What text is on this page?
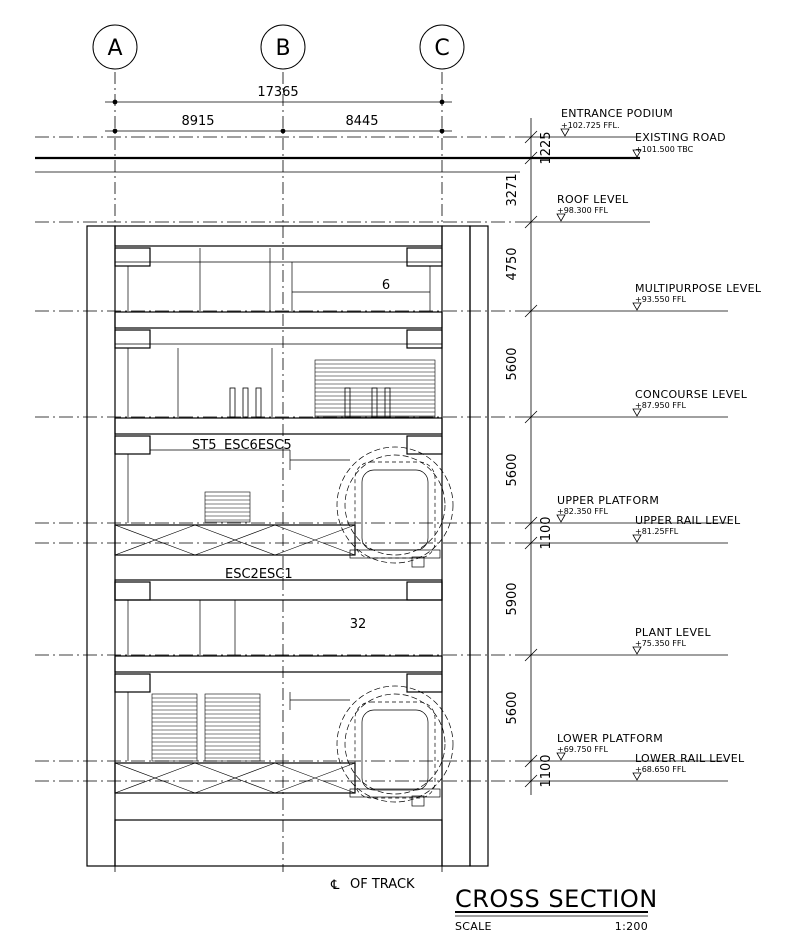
A	B	C
17365
8915	8445
1225
3271
4750
5600
5600
1100
5900
5600
1100
ENTRANCE PODIUM
+102.725 FFL.
EXISTING ROAD
+101.500 TBC
ROOF LEVEL
+98.300 FFL
MULTIPURPOSE LEVEL
+93.550 FFL
CONCOURSE LEVEL
+87.950 FFL
UPPER PLATFORM
+82.350 FFL
UPPER RAIL LEVEL
+81.25FFL
PLANT LEVEL
+75.350 FFL
LOWER PLATFORM
+69.750 FFL
LOWER RAIL LEVEL
+68.650 FFL
6
32
ST5 ESC6ESC5
ESC2ESC1
℄ OF TRACK
CROSS SECTION
SCALE	1:200
